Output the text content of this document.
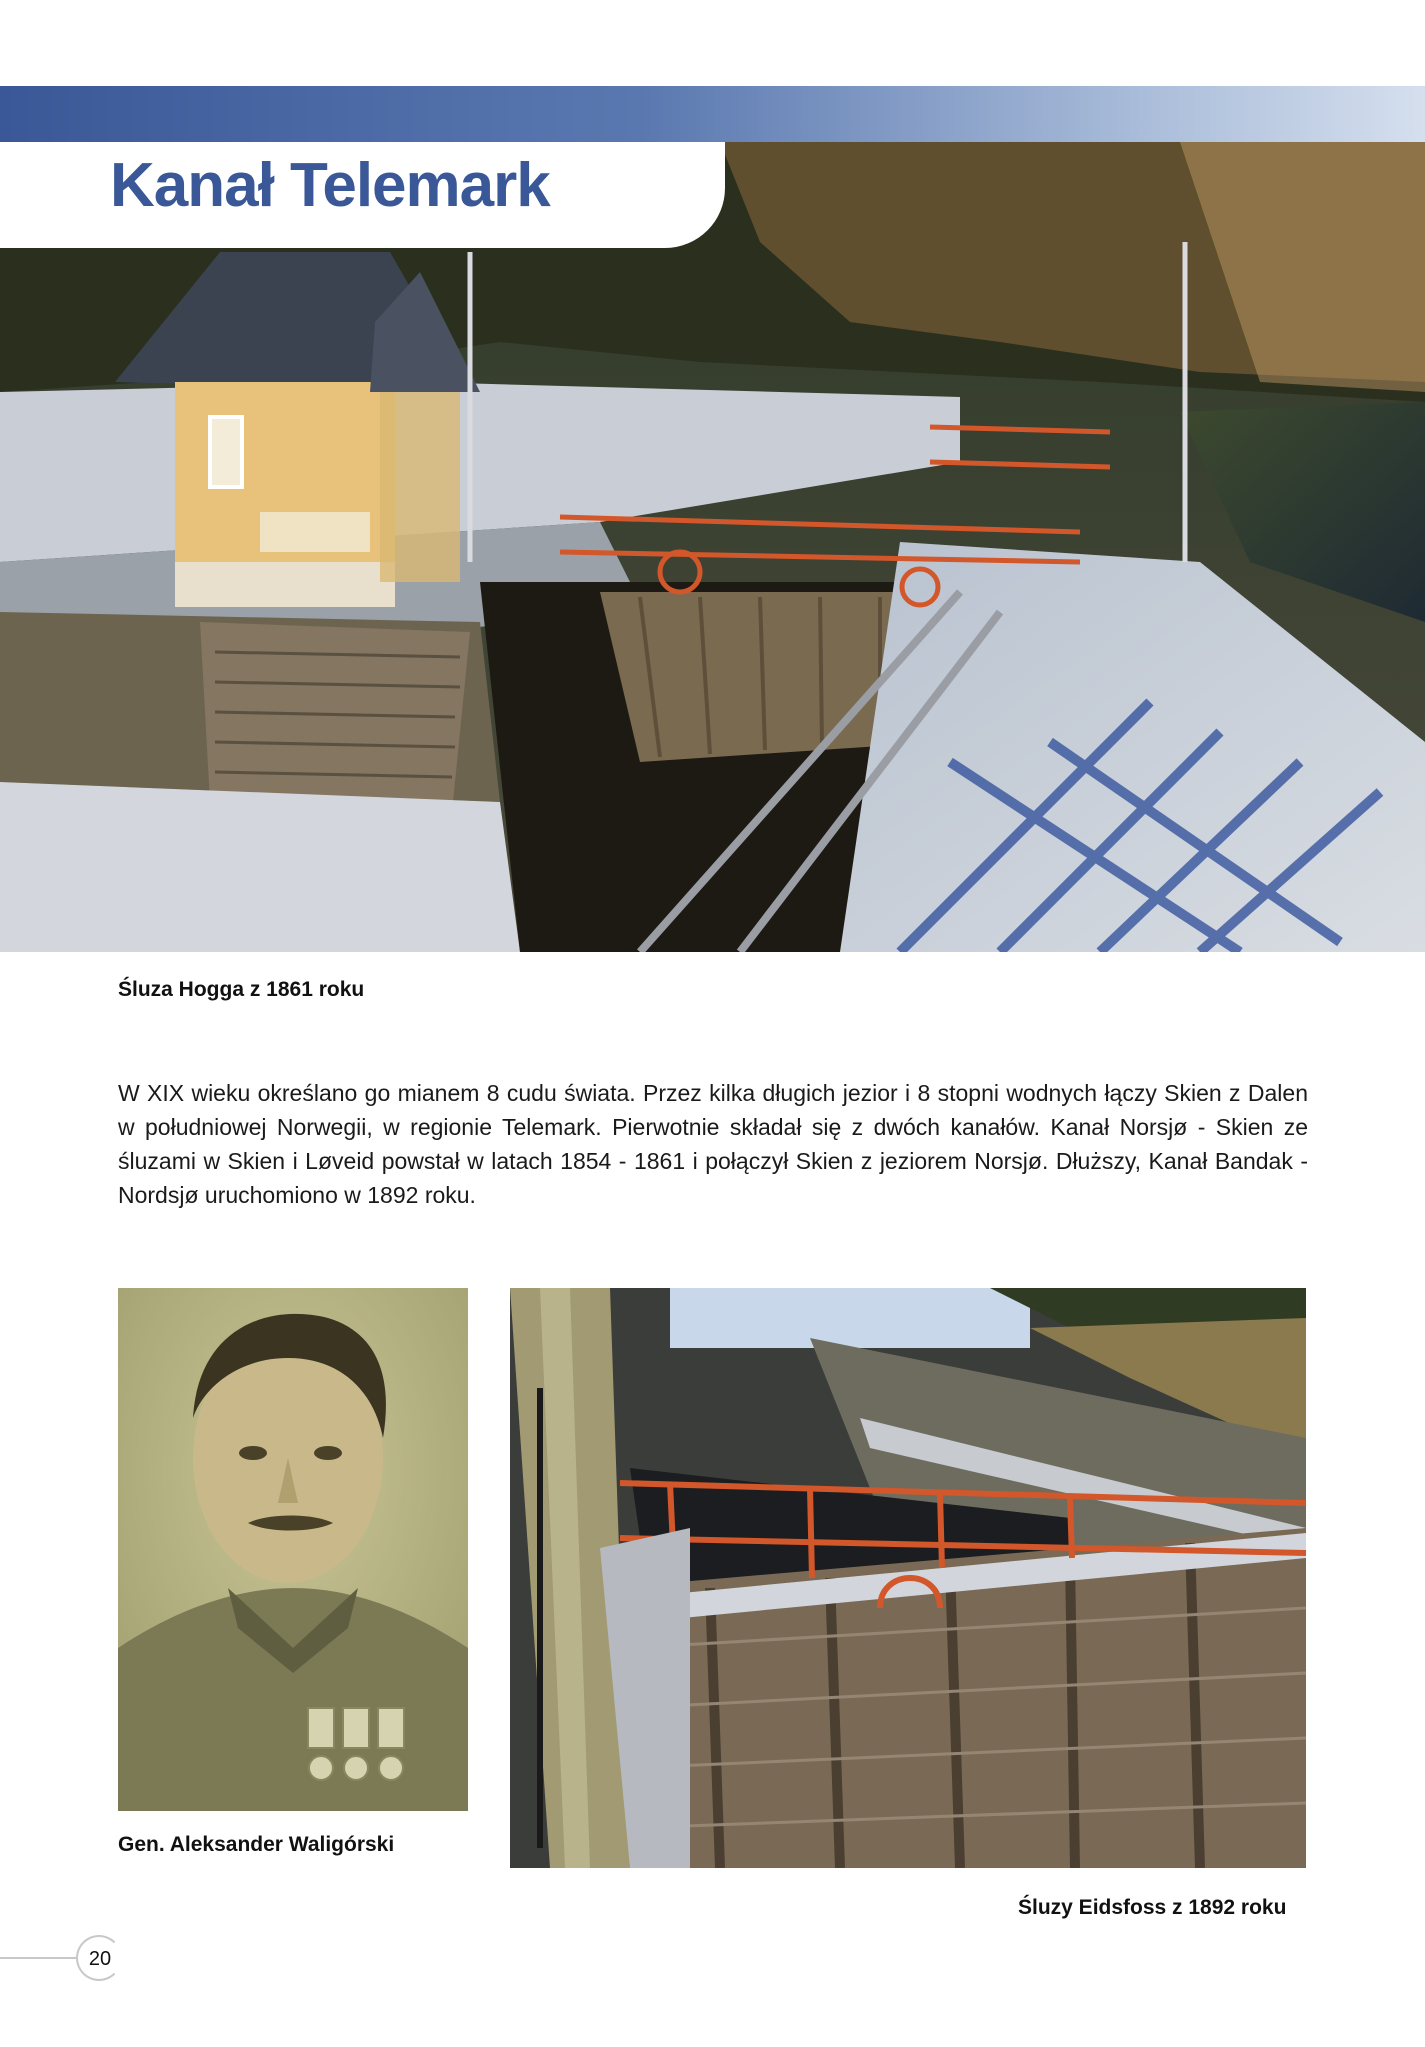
Kanał Telemark

Śluza Hogga z 1861 roku

W XIX wieku określano go mianem 8 cudu świata. Przez kilka długich jezior i 8 stopni wodnych łączy Skien z Dalen w południowej Norwegii, w regionie Telemark. Pierwotnie składał się z dwóch kanałów. Kanał Norsjø - Skien ze śluzami w Skien i Løveid powstał w latach 1854 - 1861 i połączył Skien z jeziorem Norsjø. Dłuższy, Kanał Bandak - Nordsjø uruchomiono w 1892 roku.

Gen. Aleksander Waligórski

Śluzy Eidsfoss z 1892 roku

20
